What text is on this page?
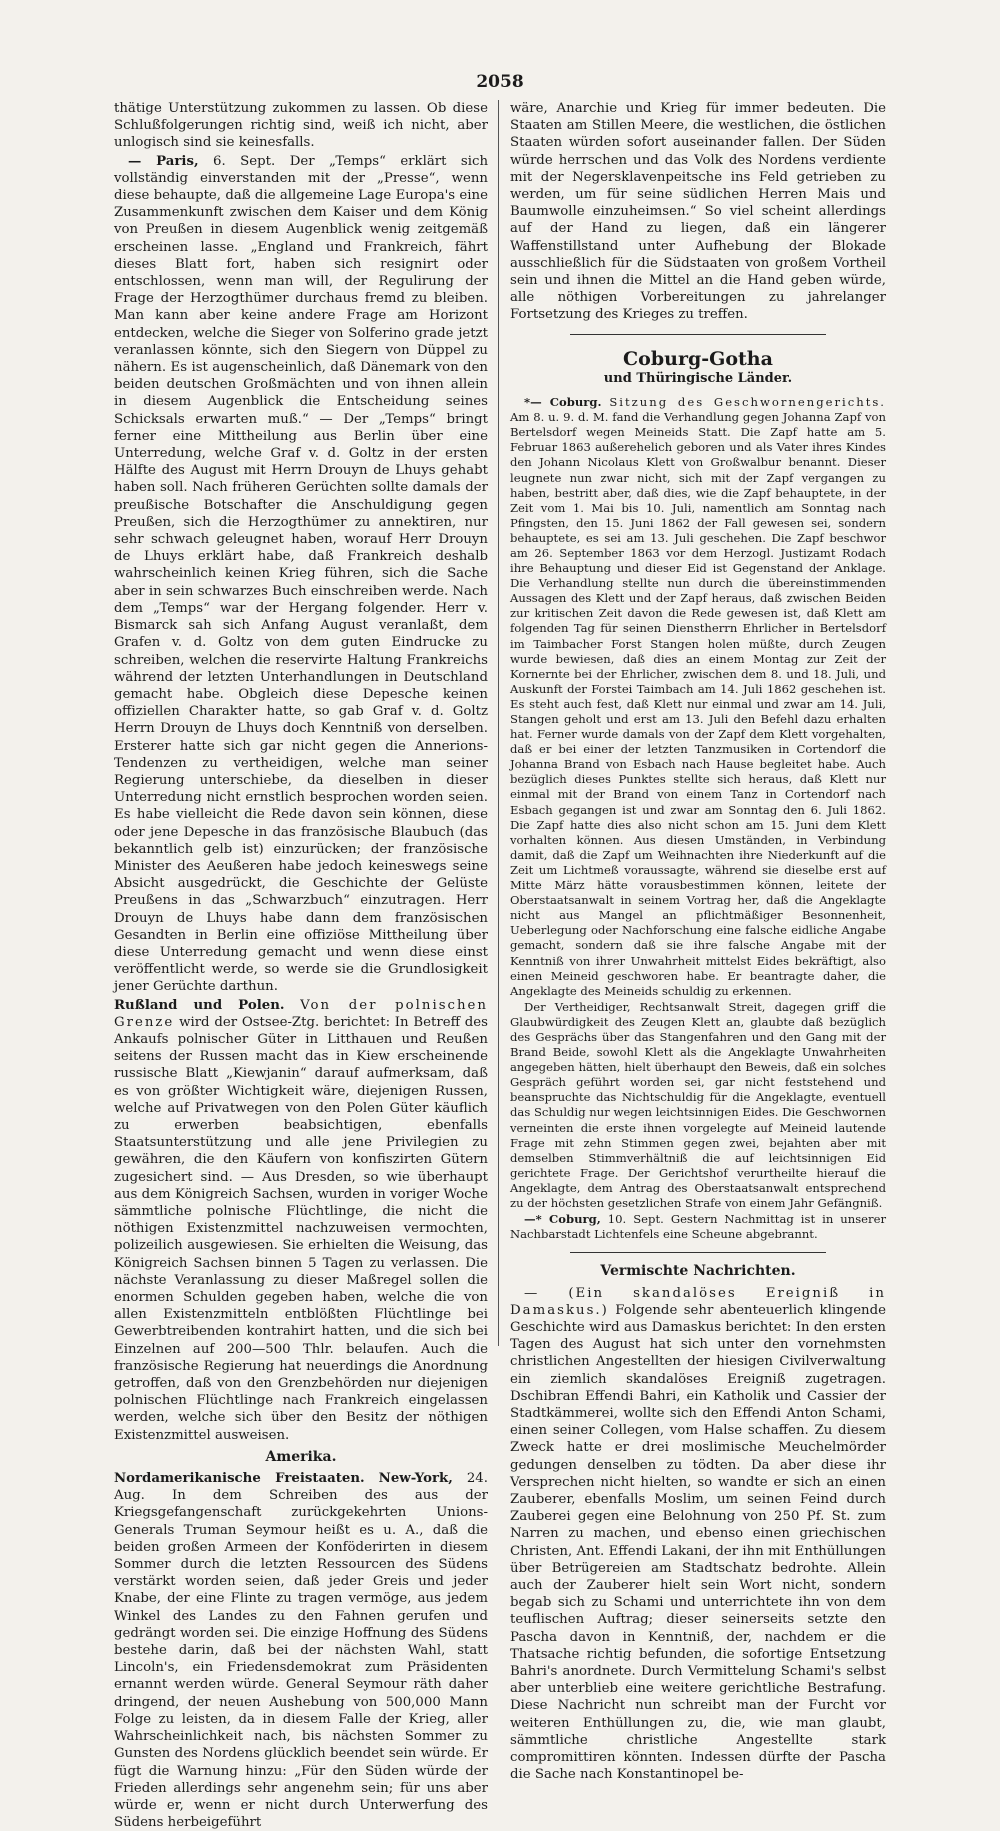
2058

thätige Unterstützung zukommen zu lassen. Ob diese Schlußfolgerungen richtig sind, weiß ich nicht, aber unlogisch sind sie keinesfalls.

— Paris, 6. Sept. Der „Temps“ erklärt sich vollständig einverstanden mit der „Presse“, wenn diese behaupte, daß die allgemeine Lage Europa's eine Zusammenkunft zwischen dem Kaiser und dem König von Preußen in diesem Augenblick wenig zeitgemäß erscheinen lasse. „England und Frankreich, fährt dieses Blatt fort, haben sich resignirt oder entschlossen, wenn man will, der Regulirung der Frage der Herzogthümer durchaus fremd zu bleiben. Man kann aber keine andere Frage am Horizont entdecken, welche die Sieger von Solferino grade jetzt veranlassen könnte, sich den Siegern von Düppel zu nähern. Es ist augenscheinlich, daß Dänemark von den beiden deutschen Großmächten und von ihnen allein in diesem Augenblick die Entscheidung seines Schicksals erwarten muß.“ — Der „Temps“ bringt ferner eine Mittheilung aus Berlin über eine Unterredung, welche Graf v. d. Goltz in der ersten Hälfte des August mit Herrn Drouyn de Lhuys gehabt haben soll. Nach früheren Gerüchten sollte damals der preußische Botschafter die Anschuldigung gegen Preußen, sich die Herzogthümer zu annektiren, nur sehr schwach geleugnet haben, worauf Herr Drouyn de Lhuys erklärt habe, daß Frankreich deshalb wahrscheinlich keinen Krieg führen, sich die Sache aber in sein schwarzes Buch einschreiben werde. Nach dem „Temps“ war der Hergang folgender. Herr v. Bismarck sah sich Anfang August veranlaßt, dem Grafen v. d. Goltz von dem guten Eindrucke zu schreiben, welchen die reservirte Haltung Frankreichs während der letzten Unterhandlungen in Deutschland gemacht habe. Obgleich diese Depesche keinen offiziellen Charakter hatte, so gab Graf v. d. Goltz Herrn Drouyn de Lhuys doch Kenntniß von derselben. Ersterer hatte sich gar nicht gegen die Annerions-Tendenzen zu vertheidigen, welche man seiner Regierung unterschiebe, da dieselben in dieser Unterredung nicht ernstlich besprochen worden seien. Es habe vielleicht die Rede davon sein können, diese oder jene Depesche in das französische Blaubuch (das bekanntlich gelb ist) einzurücken; der französische Minister des Aeußeren habe jedoch keineswegs seine Absicht ausgedrückt, die Geschichte der Gelüste Preußens in das „Schwarzbuch“ einzutragen. Herr Drouyn de Lhuys habe dann dem französischen Gesandten in Berlin eine offiziöse Mittheilung über diese Unterredung gemacht und wenn diese einst veröffentlicht werde, so werde sie die Grundlosigkeit jener Gerüchte darthun.

Rußland und Polen. Von der polnischen Grenze wird der Ostsee-Ztg. berichtet: In Betreff des Ankaufs polnischer Güter in Litthauen und Reußen seitens der Russen macht das in Kiew erscheinende russische Blatt „Kiewjanin“ darauf aufmerksam, daß es von größter Wichtigkeit wäre, diejenigen Russen, welche auf Privatwegen von den Polen Güter käuflich zu erwerben beabsichtigen, ebenfalls Staatsunterstützung und alle jene Privilegien zu gewähren, die den Käufern von konfiszirten Gütern zugesichert sind. — Aus Dresden, so wie überhaupt aus dem Königreich Sachsen, wurden in voriger Woche sämmtliche polnische Flüchtlinge, die nicht die nöthigen Existenzmittel nachzuweisen vermochten, polizeilich ausgewiesen. Sie erhielten die Weisung, das Königreich Sachsen binnen 5 Tagen zu verlassen. Die nächste Veranlassung zu dieser Maßregel sollen die enormen Schulden gegeben haben, welche die von allen Existenzmitteln entblößten Flüchtlinge bei Gewerbtreibenden kontrahirt hatten, und die sich bei Einzelnen auf 200—500 Thlr. belaufen. Auch die französische Regierung hat neuerdings die Anordnung getroffen, daß von den Grenzbehörden nur diejenigen polnischen Flüchtlinge nach Frankreich eingelassen werden, welche sich über den Besitz der nöthigen Existenzmittel ausweisen.

Amerika.

Nordamerikanische Freistaaten. New-York, 24. Aug. In dem Schreiben des aus der Kriegsgefangenschaft zurückgekehrten Unions-Generals Truman Seymour heißt es u. A., daß die beiden großen Armeen der Konföderirten in diesem Sommer durch die letzten Ressourcen des Südens verstärkt worden seien, daß jeder Greis und jeder Knabe, der eine Flinte zu tragen vermöge, aus jedem Winkel des Landes zu den Fahnen gerufen und gedrängt worden sei. Die einzige Hoffnung des Südens bestehe darin, daß bei der nächsten Wahl, statt Lincoln's, ein Friedensdemokrat zum Präsidenten ernannt werden würde. General Seymour räth daher dringend, der neuen Aushebung von 500,000 Mann Folge zu leisten, da in diesem Falle der Krieg, aller Wahrscheinlichkeit nach, bis nächsten Sommer zu Gunsten des Nordens glücklich beendet sein würde. Er fügt die Warnung hinzu: „Für den Süden würde der Frieden allerdings sehr angenehm sein; für uns aber würde er, wenn er nicht durch Unterwerfung des Südens herbeigeführt

wäre, Anarchie und Krieg für immer bedeuten. Die Staaten am Stillen Meere, die westlichen, die östlichen Staaten würden sofort auseinander fallen. Der Süden würde herrschen und das Volk des Nordens verdiente mit der Negersklavenpeitsche ins Feld getrieben zu werden, um für seine südlichen Herren Mais und Baumwolle einzuheimsen.“ So viel scheint allerdings auf der Hand zu liegen, daß ein längerer Waffenstillstand unter Aufhebung der Blokade ausschließlich für die Südstaaten von großem Vortheil sein und ihnen die Mittel an die Hand geben würde, alle nöthigen Vorbereitungen zu jahrelanger Fortsetzung des Krieges zu treffen.

Coburg-Gotha
und Thüringische Länder.

*— Coburg. Sitzung des Geschwornengerichts. Am 8. u. 9. d. M. fand die Verhandlung gegen Johanna Zapf von Bertelsdorf wegen Meineids Statt. Die Zapf hatte am 5. Februar 1863 außerehelich geboren und als Vater ihres Kindes den Johann Nicolaus Klett von Großwalbur benannt. Dieser leugnete nun zwar nicht, sich mit der Zapf vergangen zu haben, bestritt aber, daß dies, wie die Zapf behauptete, in der Zeit vom 1. Mai bis 10. Juli, namentlich am Sonntag nach Pfingsten, den 15. Juni 1862 der Fall gewesen sei, sondern behauptete, es sei am 13. Juli geschehen. Die Zapf beschwor am 26. September 1863 vor dem Herzogl. Justizamt Rodach ihre Behauptung und dieser Eid ist Gegenstand der Anklage. Die Verhandlung stellte nun durch die übereinstimmenden Aussagen des Klett und der Zapf heraus, daß zwischen Beiden zur kritischen Zeit davon die Rede gewesen ist, daß Klett am folgenden Tag für seinen Dienstherrn Ehrlicher in Bertelsdorf im Taimbacher Forst Stangen holen müßte, durch Zeugen wurde bewiesen, daß dies an einem Montag zur Zeit der Kornernte bei der Ehrlicher, zwischen dem 8. und 18. Juli, und Auskunft der Forstei Taimbach am 14. Juli 1862 geschehen ist. Es steht auch fest, daß Klett nur einmal und zwar am 14. Juli, Stangen geholt und erst am 13. Juli den Befehl dazu erhalten hat. Ferner wurde damals von der Zapf dem Klett vorgehalten, daß er bei einer der letzten Tanzmusiken in Cortendorf die Johanna Brand von Esbach nach Hause begleitet habe. Auch bezüglich dieses Punktes stellte sich heraus, daß Klett nur einmal mit der Brand von einem Tanz in Cortendorf nach Esbach gegangen ist und zwar am Sonntag den 6. Juli 1862. Die Zapf hatte dies also nicht schon am 15. Juni dem Klett vorhalten können. Aus diesen Umständen, in Verbindung damit, daß die Zapf um Weihnachten ihre Niederkunft auf die Zeit um Lichtmeß voraussagte, während sie dieselbe erst auf Mitte März hätte vorausbestimmen können, leitete der Oberstaatsanwalt in seinem Vortrag her, daß die Angeklagte nicht aus Mangel an pflichtmäßiger Besonnenheit, Ueberlegung oder Nachforschung eine falsche eidliche Angabe gemacht, sondern daß sie ihre falsche Angabe mit der Kenntniß von ihrer Unwahrheit mittelst Eides bekräftigt, also einen Meineid geschworen habe. Er beantragte daher, die Angeklagte des Meineids schuldig zu erkennen.

Der Vertheidiger, Rechtsanwalt Streit, dagegen griff die Glaubwürdigkeit des Zeugen Klett an, glaubte daß bezüglich des Gesprächs über das Stangenfahren und den Gang mit der Brand Beide, sowohl Klett als die Angeklagte Unwahrheiten angegeben hätten, hielt überhaupt den Beweis, daß ein solches Gespräch geführt worden sei, gar nicht feststehend und beanspruchte das Nichtschuldig für die Angeklagte, eventuell das Schuldig nur wegen leichtsinnigen Eides. Die Geschwornen verneinten die erste ihnen vorgelegte auf Meineid lautende Frage mit zehn Stimmen gegen zwei, bejahten aber mit demselben Stimmverhältniß die auf leichtsinnigen Eid gerichtete Frage. Der Gerichtshof verurtheilte hierauf die Angeklagte, dem Antrag des Oberstaatsanwalt entsprechend zu der höchsten gesetzlichen Strafe von einem Jahr Gefängniß.

—* Coburg, 10. Sept. Gestern Nachmittag ist in unserer Nachbarstadt Lichtenfels eine Scheune abgebrannt.

Vermischte Nachrichten.

— (Ein skandalöses Ereigniß in Damaskus.) Folgende sehr abenteuerlich klingende Geschichte wird aus Damaskus berichtet: In den ersten Tagen des August hat sich unter den vornehmsten christlichen Angestellten der hiesigen Civilverwaltung ein ziemlich skandalöses Ereigniß zugetragen. Dschibran Effendi Bahri, ein Katholik und Cassier der Stadtkämmerei, wollte sich den Effendi Anton Schami, einen seiner Collegen, vom Halse schaffen. Zu diesem Zweck hatte er drei moslimische Meuchelmörder gedungen denselben zu tödten. Da aber diese ihr Versprechen nicht hielten, so wandte er sich an einen Zauberer, ebenfalls Moslim, um seinen Feind durch Zauberei gegen eine Belohnung von 250 Pf. St. zum Narren zu machen, und ebenso einen griechischen Christen, Ant. Effendi Lakani, der ihn mit Enthüllungen über Betrügereien am Stadtschatz bedrohte. Allein auch der Zauberer hielt sein Wort nicht, sondern begab sich zu Schami und unterrichtete ihn von dem teuflischen Auftrag; dieser seinerseits setzte den Pascha davon in Kenntniß, der, nachdem er die Thatsache richtig befunden, die sofortige Entsetzung Bahri's anordnete. Durch Vermittelung Schami's selbst aber unterblieb eine weitere gerichtliche Bestrafung. Diese Nachricht nun schreibt man der Furcht vor weiteren Enthüllungen zu, die, wie man glaubt, sämmtliche christliche Angestellte stark compromittiren könnten. Indessen dürfte der Pascha die Sache nach Konstantinopel be-
